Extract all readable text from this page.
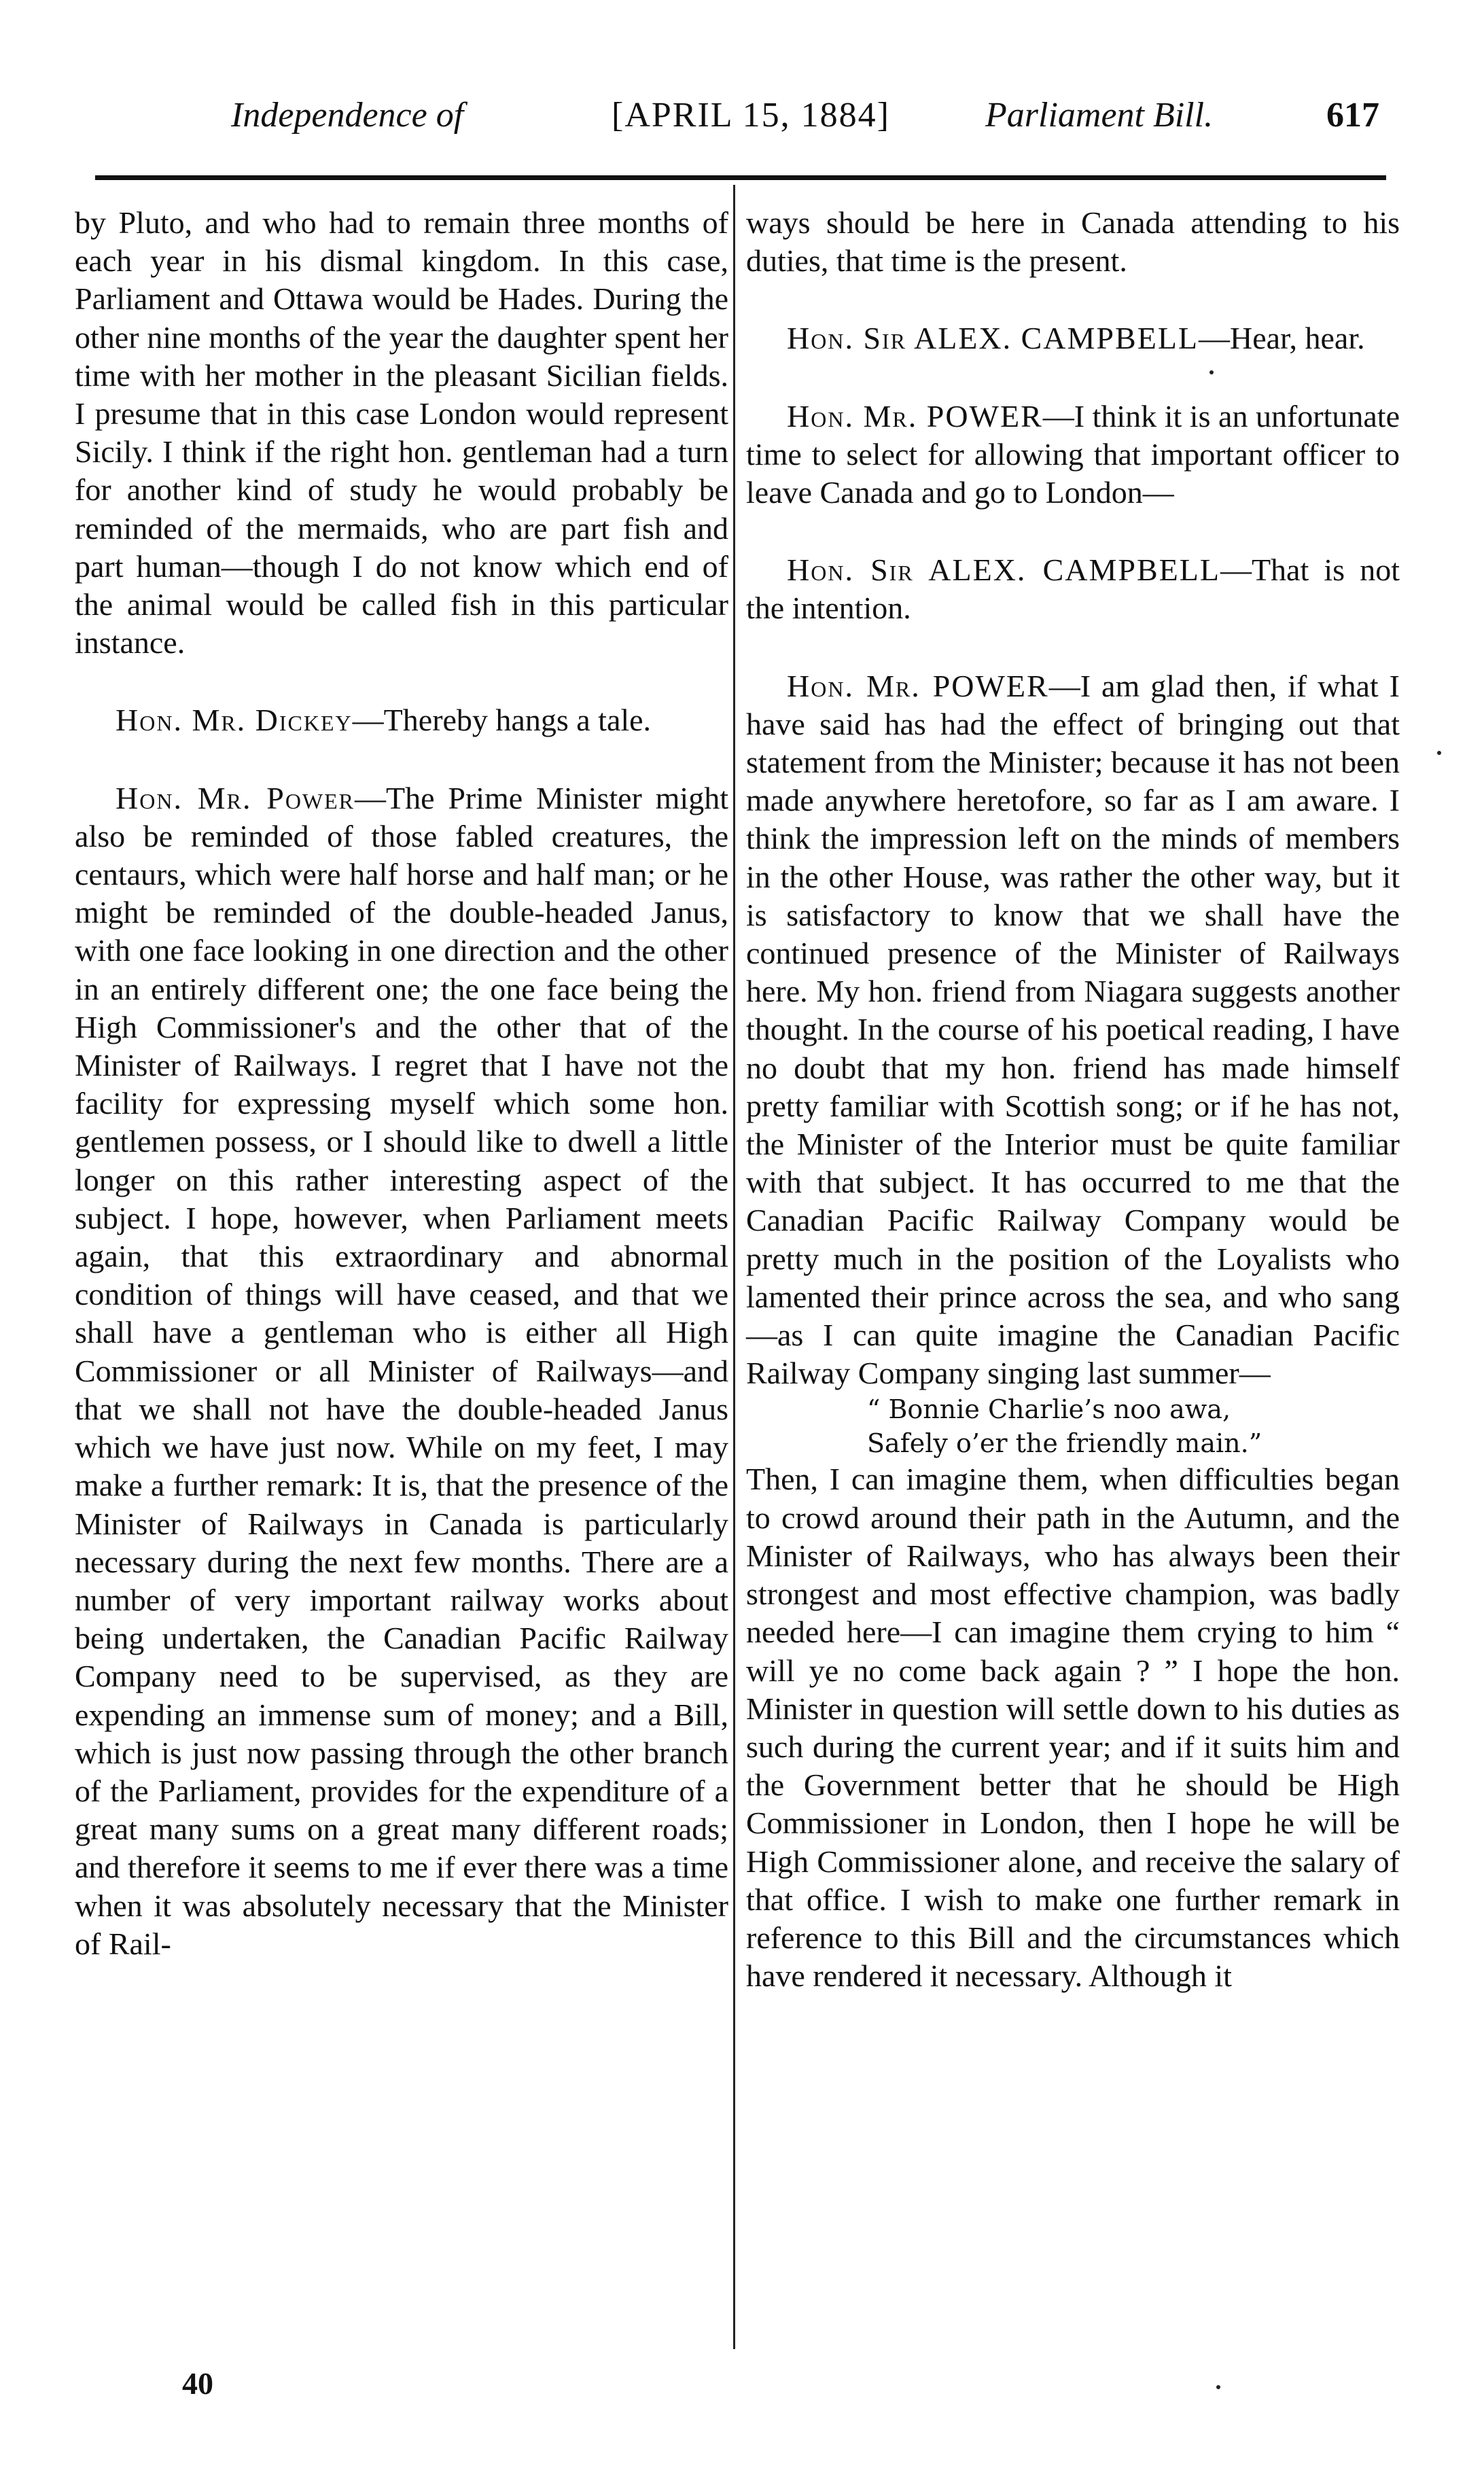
Independence of	[APRIL 15, 1884]	Parliament Bill.	617

by Pluto, and who had to remain three months of each year in his dismal kingdom. In this case, Parliament and Ottawa would be Hades. During the other nine months of the year the daughter spent her time with her mother in the pleasant Sicilian fields. I presume that in this case London would represent Sicily. I think if the right hon. gentleman had a turn for another kind of study he would probably be reminded of the mermaids, who are part fish and part human—though I do not know which end of the animal would be called fish in this particular instance.

Hon. Mr. Dickey—Thereby hangs a tale.

Hon. Mr. Power—The Prime Minister might also be reminded of those fabled creatures, the centaurs, which were half horse and half man; or he might be reminded of the double-headed Janus, with one face looking in one direction and the other in an entirely different one; the one face being the High Commissioner's and the other that of the Minister of Railways. I regret that I have not the facility for expressing myself which some hon. gentlemen possess, or I should like to dwell a little longer on this rather interesting aspect of the subject. I hope, however, when Parliament meets again, that this extraordinary and abnormal condition of things will have ceased, and that we shall have a gentleman who is either all High Commissioner or all Minister of Railways—and that we shall not have the double-headed Janus which we have just now. While on my feet, I may make a further remark: It is, that the presence of the Minister of Railways in Canada is particularly necessary during the next few months. There are a number of very important railway works about being undertaken, the Canadian Pacific Railway Company need to be supervised, as they are expending an immense sum of money; and a Bill, which is just now passing through the other branch of the Parliament, provides for the expenditure of a great many sums on a great many different roads; and therefore it seems to me if ever there was a time when it was absolutely necessary that the Minister of Rail-

ways should be here in Canada attending to his duties, that time is the present.

Hon. Sir ALEX. CAMPBELL—Hear, hear.

Hon. Mr. POWER—I think it is an unfortunate time to select for allowing that important officer to leave Canada and go to London—

Hon. Sir ALEX. CAMPBELL—That is not the intention.

Hon. Mr. POWER—I am glad then, if what I have said has had the effect of bringing out that statement from the Minister; because it has not been made anywhere heretofore, so far as I am aware. I think the impression left on the minds of members in the other House, was rather the other way, but it is satisfactory to know that we shall have the continued presence of the Minister of Railways here. My hon. friend from Niagara suggests another thought. In the course of his poetical reading, I have no doubt that my hon. friend has made himself pretty familiar with Scottish song; or if he has not, the Minister of the Interior must be quite familiar with that subject. It has occurred to me that the Canadian Pacific Railway Company would be pretty much in the position of the Loyalists who lamented their prince across the sea, and who sang —as I can quite imagine the Canadian Pacific Railway Company singing last summer—

“ Bonnie Charlie’s noo awa,
Safely o’er the friendly main.”

Then, I can imagine them, when difficulties began to crowd around their path in the Autumn, and the Minister of Railways, who has always been their strongest and most effective champion, was badly needed here—I can imagine them crying to him “ will ye no come back again ? ” I hope the hon. Minister in question will settle down to his duties as such during the current year; and if it suits him and the Government better that he should be High Commissioner in London, then I hope he will be High Commissioner alone, and receive the salary of that office. I wish to make one further remark in reference to this Bill and the circumstances which have rendered it necessary. Although it

40
